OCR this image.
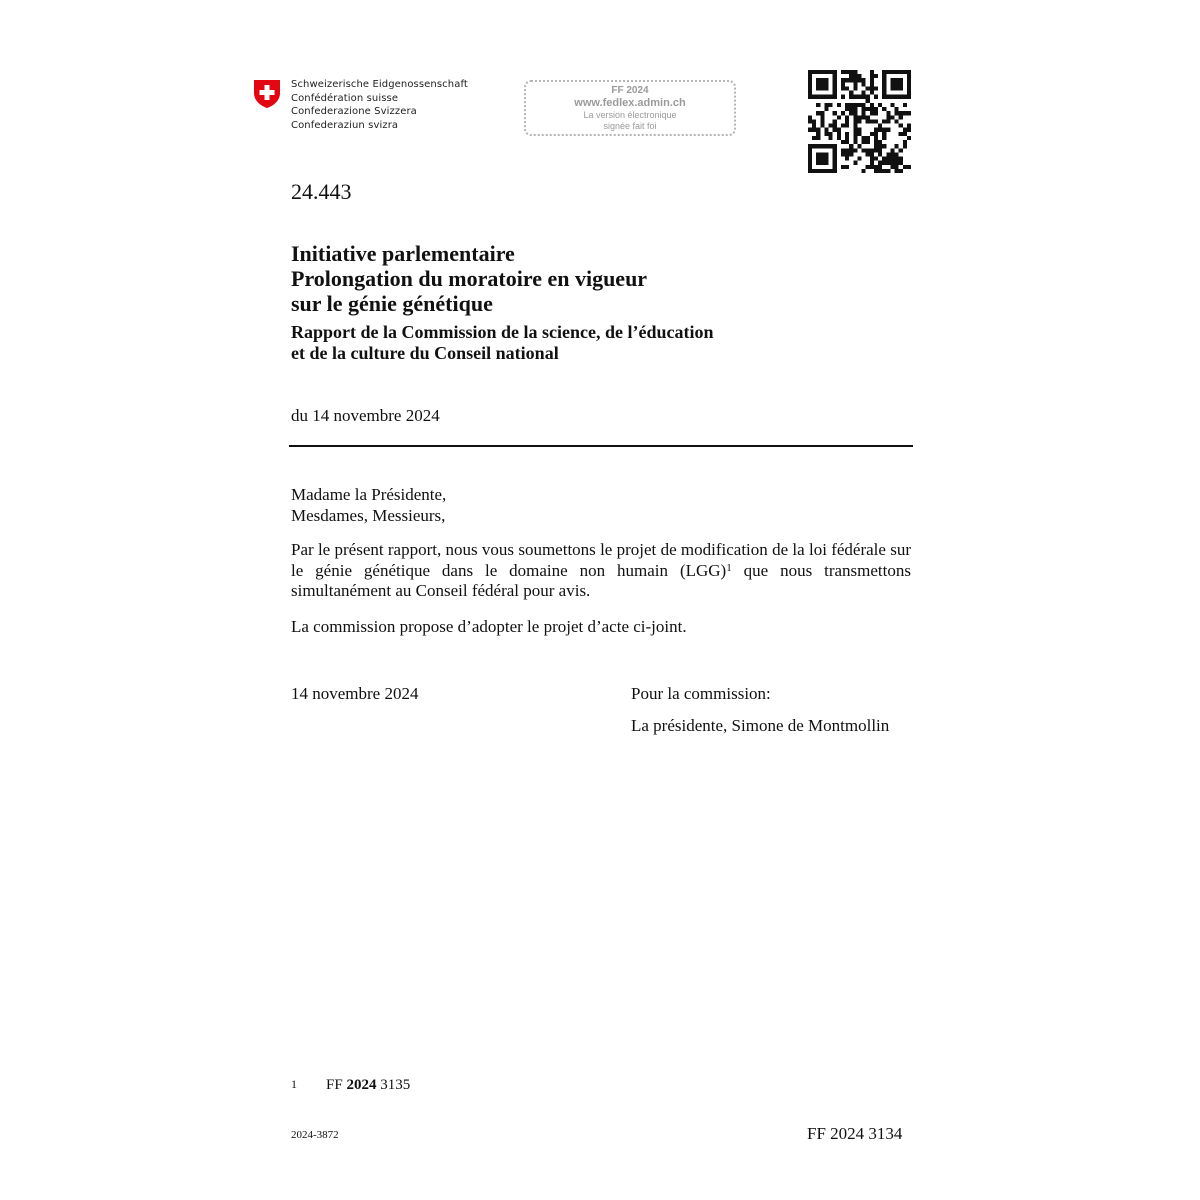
Schweizerische Eidgenossenschaft
Confédération suisse
Confederazione Svizzera
Confederaziun svizra
FF 2024
www.fedlex.admin.ch
La version électronique
signée fait foi
24.443
Initiative parlementaire
Prolongation du moratoire en vigueur
sur le génie génétique
Rapport de la Commission de la science, de l’éducation
et de la culture du Conseil national
du 14 novembre 2024
Madame la Présidente,
Mesdames, Messieurs,
Par le présent rapport, nous vous soumettons le projet de modification de la loi fédérale sur le génie génétique dans le domaine non humain (LGG)$^1$ que nous transmettons simultanément au Conseil fédéral pour avis.
La commission propose d’adopter le projet d’acte ci-joint.
14 novembre 2024	Pour la commission:
La présidente, Simone de Montmollin
1 FF 2024 3135
2024-3872	FF 2024 3134
